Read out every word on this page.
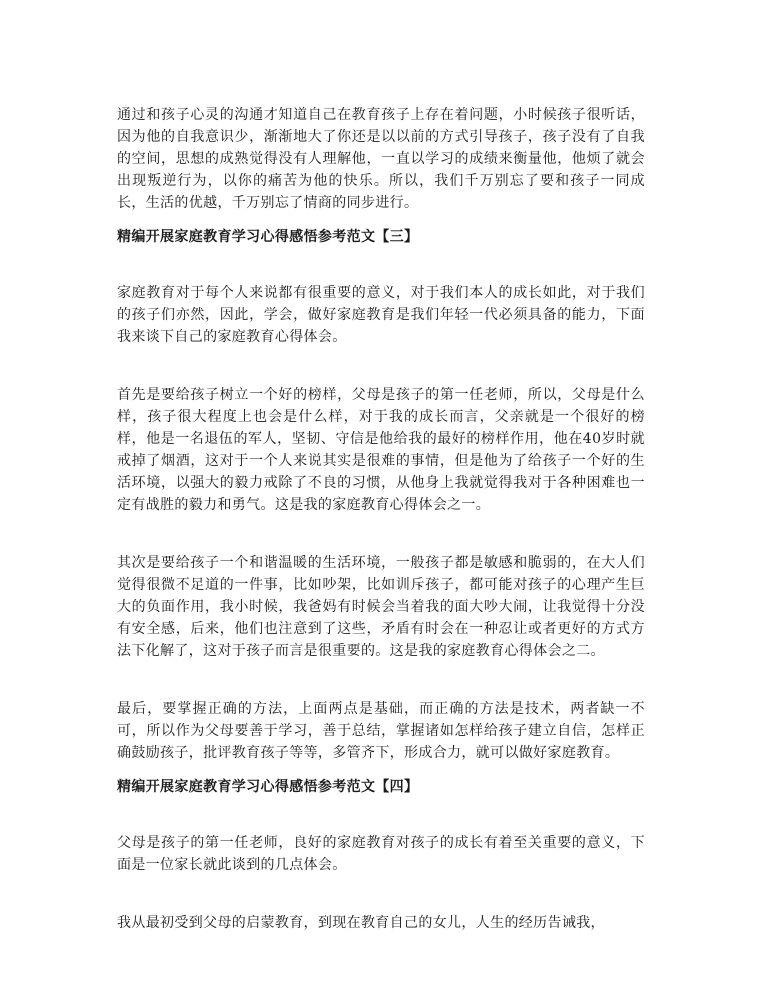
通过和孩子心灵的沟通才知道自己在教育孩子上存在着问题，小时候孩子很听话，因为他的自我意识少，渐渐地大了你还是以以前的方式引导孩子，孩子没有了自我的空间，思想的成熟觉得没有人理解他，一直以学习的成绩来衡量他，他烦了就会出现叛逆行为，以你的痛苦为他的快乐。所以，我们千万别忘了要和孩子一同成长，生活的优越，千万别忘了情商的同步进行。

精编开展家庭教育学习心得感悟参考范文【三】

家庭教育对于每个人来说都有很重要的意义，对于我们本人的成长如此，对于我们的孩子们亦然，因此，学会，做好家庭教育是我们年轻一代必须具备的能力，下面我来谈下自己的家庭教育心得体会。

首先是要给孩子树立一个好的榜样，父母是孩子的第一任老师，所以，父母是什么样，孩子很大程度上也会是什么样，对于我的成长而言，父亲就是一个很好的榜样，他是一名退伍的军人，坚韧、守信是他给我的最好的榜样作用，他在40岁时就戒掉了烟酒，这对于一个人来说其实是很难的事情，但是他为了给孩子一个好的生活环境，以强大的毅力戒除了不良的习惯，从他身上我就觉得我对于各种困难也一定有战胜的毅力和勇气。这是我的家庭教育心得体会之一。

其次是要给孩子一个和谐温暖的生活环境，一般孩子都是敏感和脆弱的，在大人们觉得很微不足道的一件事，比如吵架，比如训斥孩子，都可能对孩子的心理产生巨大的负面作用，我小时候，我爸妈有时候会当着我的面大吵大闹，让我觉得十分没有安全感，后来，他们也注意到了这些，矛盾有时会在一种忍让或者更好的方式方法下化解了，这对于孩子而言是很重要的。这是我的家庭教育心得体会之二。

最后，要掌握正确的方法，上面两点是基础，而正确的方法是技术，两者缺一不可，所以作为父母要善于学习，善于总结，掌握诸如怎样给孩子建立自信，怎样正确鼓励孩子，批评教育孩子等等，多管齐下，形成合力，就可以做好家庭教育。

精编开展家庭教育学习心得感悟参考范文【四】

父母是孩子的第一任老师，良好的家庭教育对孩子的成长有着至关重要的意义，下面是一位家长就此谈到的几点体会。

我从最初受到父母的启蒙教育，到现在教育自己的女儿，人生的经历告诫我，
